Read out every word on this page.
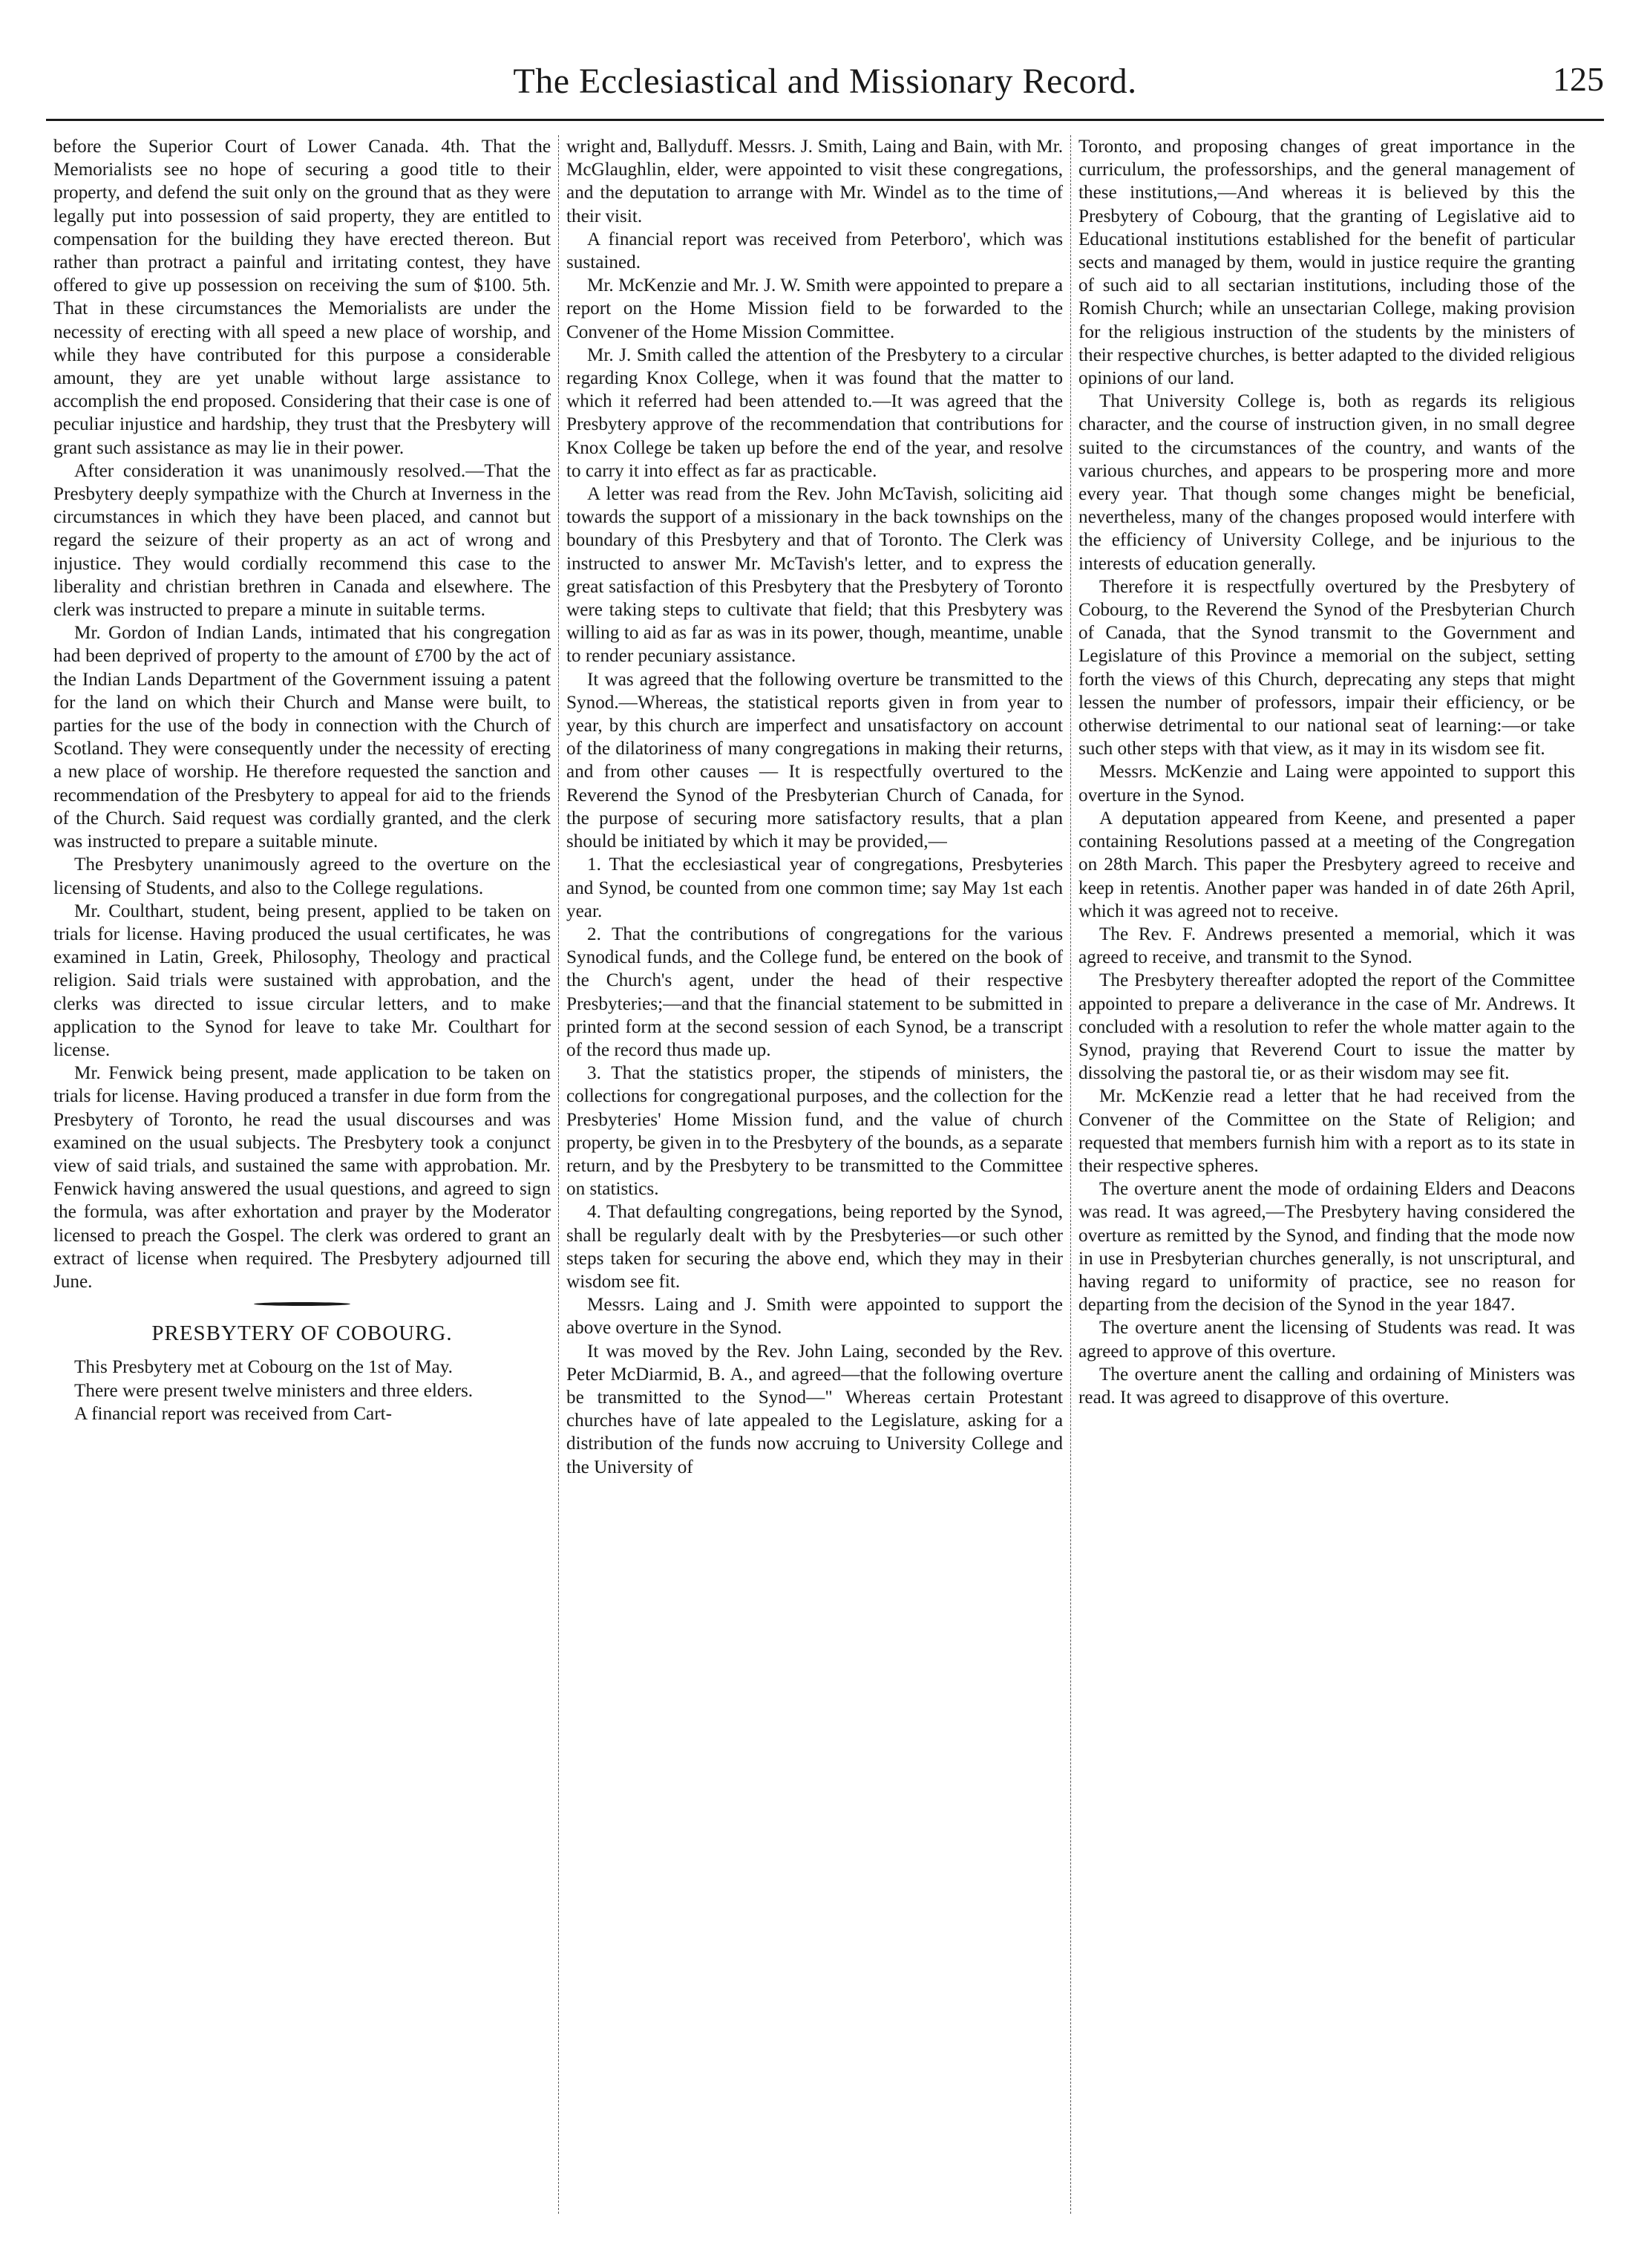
The Ecclesiastical and Missionary Record.	125

before the Superior Court of Lower Canada. 4th. That the Memorialists see no hope of securing a good title to their property, and defend the suit only on the ground that as they were legally put into possession of said property, they are entitled to compensation for the building they have erected thereon. But rather than protract a painful and irritating contest, they have offered to give up possession on receiving the sum of $100. 5th. That in these circumstances the Memorialists are under the necessity of erecting with all speed a new place of worship, and while they have contributed for this purpose a considerable amount, they are yet unable without large assistance to accomplish the end proposed. Considering that their case is one of peculiar injustice and hardship, they trust that the Presbytery will grant such assistance as may lie in their power.

After consideration it was unanimously resolved.—That the Presbytery deeply sympathize with the Church at Inverness in the circumstances in which they have been placed, and cannot but regard the seizure of their property as an act of wrong and injustice. They would cordially recommend this case to the liberality and christian brethren in Canada and elsewhere. The clerk was instructed to prepare a minute in suitable terms.

Mr. Gordon of Indian Lands, intimated that his congregation had been deprived of property to the amount of £700 by the act of the Indian Lands Department of the Government issuing a patent for the land on which their Church and Manse were built, to parties for the use of the body in connection with the Church of Scotland. They were consequently under the necessity of erecting a new place of worship. He therefore requested the sanction and recommendation of the Presbytery to appeal for aid to the friends of the Church. Said request was cordially granted, and the clerk was instructed to prepare a suitable minute.

The Presbytery unanimously agreed to the overture on the licensing of Students, and also to the College regulations.

Mr. Coulthart, student, being present, applied to be taken on trials for license. Having produced the usual certificates, he was examined in Latin, Greek, Philosophy, Theology and practical religion. Said trials were sustained with approbation, and the clerks was directed to issue circular letters, and to make application to the Synod for leave to take Mr. Coulthart for license.

Mr. Fenwick being present, made application to be taken on trials for license. Having produced a transfer in due form from the Presbytery of Toronto, he read the usual discourses and was examined on the usual subjects. The Presbytery took a conjunct view of said trials, and sustained the same with approbation. Mr. Fenwick having answered the usual questions, and agreed to sign the formula, was after exhortation and prayer by the Moderator licensed to preach the Gospel. The clerk was ordered to grant an extract of license when required. The Presbytery adjourned till June.

PRESBYTERY OF COBOURG.

This Presbytery met at Cobourg on the 1st of May.

There were present twelve ministers and three elders.

A financial report was received from Cart-

wright and, Ballyduff. Messrs. J. Smith, Laing and Bain, with Mr. McGlaughlin, elder, were appointed to visit these congregations, and the deputation to arrange with Mr. Windel as to the time of their visit.

A financial report was received from Peterboro', which was sustained.

Mr. McKenzie and Mr. J. W. Smith were appointed to prepare a report on the Home Mission field to be forwarded to the Convener of the Home Mission Committee.

Mr. J. Smith called the attention of the Presbytery to a circular regarding Knox College, when it was found that the matter to which it referred had been attended to.—It was agreed that the Presbytery approve of the recommendation that contributions for Knox College be taken up before the end of the year, and resolve to carry it into effect as far as practicable.

A letter was read from the Rev. John McTavish, soliciting aid towards the support of a missionary in the back townships on the boundary of this Presbytery and that of Toronto. The Clerk was instructed to answer Mr. McTavish's letter, and to express the great satisfaction of this Presbytery that the Presbytery of Toronto were taking steps to cultivate that field; that this Presbytery was willing to aid as far as was in its power, though, meantime, unable to render pecuniary assistance.

It was agreed that the following overture be transmitted to the Synod.—Whereas, the statistical reports given in from year to year, by this church are imperfect and unsatisfactory on account of the dilatoriness of many congregations in making their returns, and from other causes — It is respectfully overtured to the Reverend the Synod of the Presbyterian Church of Canada, for the purpose of securing more satisfactory results, that a plan should be initiated by which it may be provided,—

1. That the ecclesiastical year of congregations, Presbyteries and Synod, be counted from one common time; say May 1st each year.

2. That the contributions of congregations for the various Synodical funds, and the College fund, be entered on the book of the Church's agent, under the head of their respective Presbyteries;—and that the financial statement to be submitted in printed form at the second session of each Synod, be a transcript of the record thus made up.

3. That the statistics proper, the stipends of ministers, the collections for congregational purposes, and the collection for the Presbyteries' Home Mission fund, and the value of church property, be given in to the Presbytery of the bounds, as a separate return, and by the Presbytery to be transmitted to the Committee on statistics.

4. That defaulting congregations, being reported by the Synod, shall be regularly dealt with by the Presbyteries—or such other steps taken for securing the above end, which they may in their wisdom see fit.

Messrs. Laing and J. Smith were appointed to support the above overture in the Synod.

It was moved by the Rev. John Laing, seconded by the Rev. Peter McDiarmid, B. A., and agreed—that the following overture be transmitted to the Synod—" Whereas certain Protestant churches have of late appealed to the Legislature, asking for a distribution of the funds now accruing to University College and the University of

Toronto, and proposing changes of great importance in the curriculum, the professorships, and the general management of these institutions,—And whereas it is believed by this the Presbytery of Cobourg, that the granting of Legislative aid to Educational institutions established for the benefit of particular sects and managed by them, would in justice require the granting of such aid to all sectarian institutions, including those of the Romish Church; while an unsectarian College, making provision for the religious instruction of the students by the ministers of their respective churches, is better adapted to the divided religious opinions of our land.

That University College is, both as regards its religious character, and the course of instruction given, in no small degree suited to the circumstances of the country, and wants of the various churches, and appears to be prospering more and more every year. That though some changes might be beneficial, nevertheless, many of the changes proposed would interfere with the efficiency of University College, and be injurious to the interests of education generally.

Therefore it is respectfully overtured by the Presbytery of Cobourg, to the Reverend the Synod of the Presbyterian Church of Canada, that the Synod transmit to the Government and Legislature of this Province a memorial on the subject, setting forth the views of this Church, deprecating any steps that might lessen the number of professors, impair their efficiency, or be otherwise detrimental to our national seat of learning:—or take such other steps with that view, as it may in its wisdom see fit.

Messrs. McKenzie and Laing were appointed to support this overture in the Synod.

A deputation appeared from Keene, and presented a paper containing Resolutions passed at a meeting of the Congregation on 28th March. This paper the Presbytery agreed to receive and keep in retentis. Another paper was handed in of date 26th April, which it was agreed not to receive.

The Rev. F. Andrews presented a memorial, which it was agreed to receive, and transmit to the Synod.

The Presbytery thereafter adopted the report of the Committee appointed to prepare a deliverance in the case of Mr. Andrews. It concluded with a resolution to refer the whole matter again to the Synod, praying that Reverend Court to issue the matter by dissolving the pastoral tie, or as their wisdom may see fit.

Mr. McKenzie read a letter that he had received from the Convener of the Committee on the State of Religion; and requested that members furnish him with a report as to its state in their respective spheres.

The overture anent the mode of ordaining Elders and Deacons was read. It was agreed,—The Presbytery having considered the overture as remitted by the Synod, and finding that the mode now in use in Presbyterian churches generally, is not unscriptural, and having regard to uniformity of practice, see no reason for departing from the decision of the Synod in the year 1847.

The overture anent the licensing of Students was read. It was agreed to approve of this overture.

The overture anent the calling and ordaining of Ministers was read. It was agreed to disapprove of this overture.
